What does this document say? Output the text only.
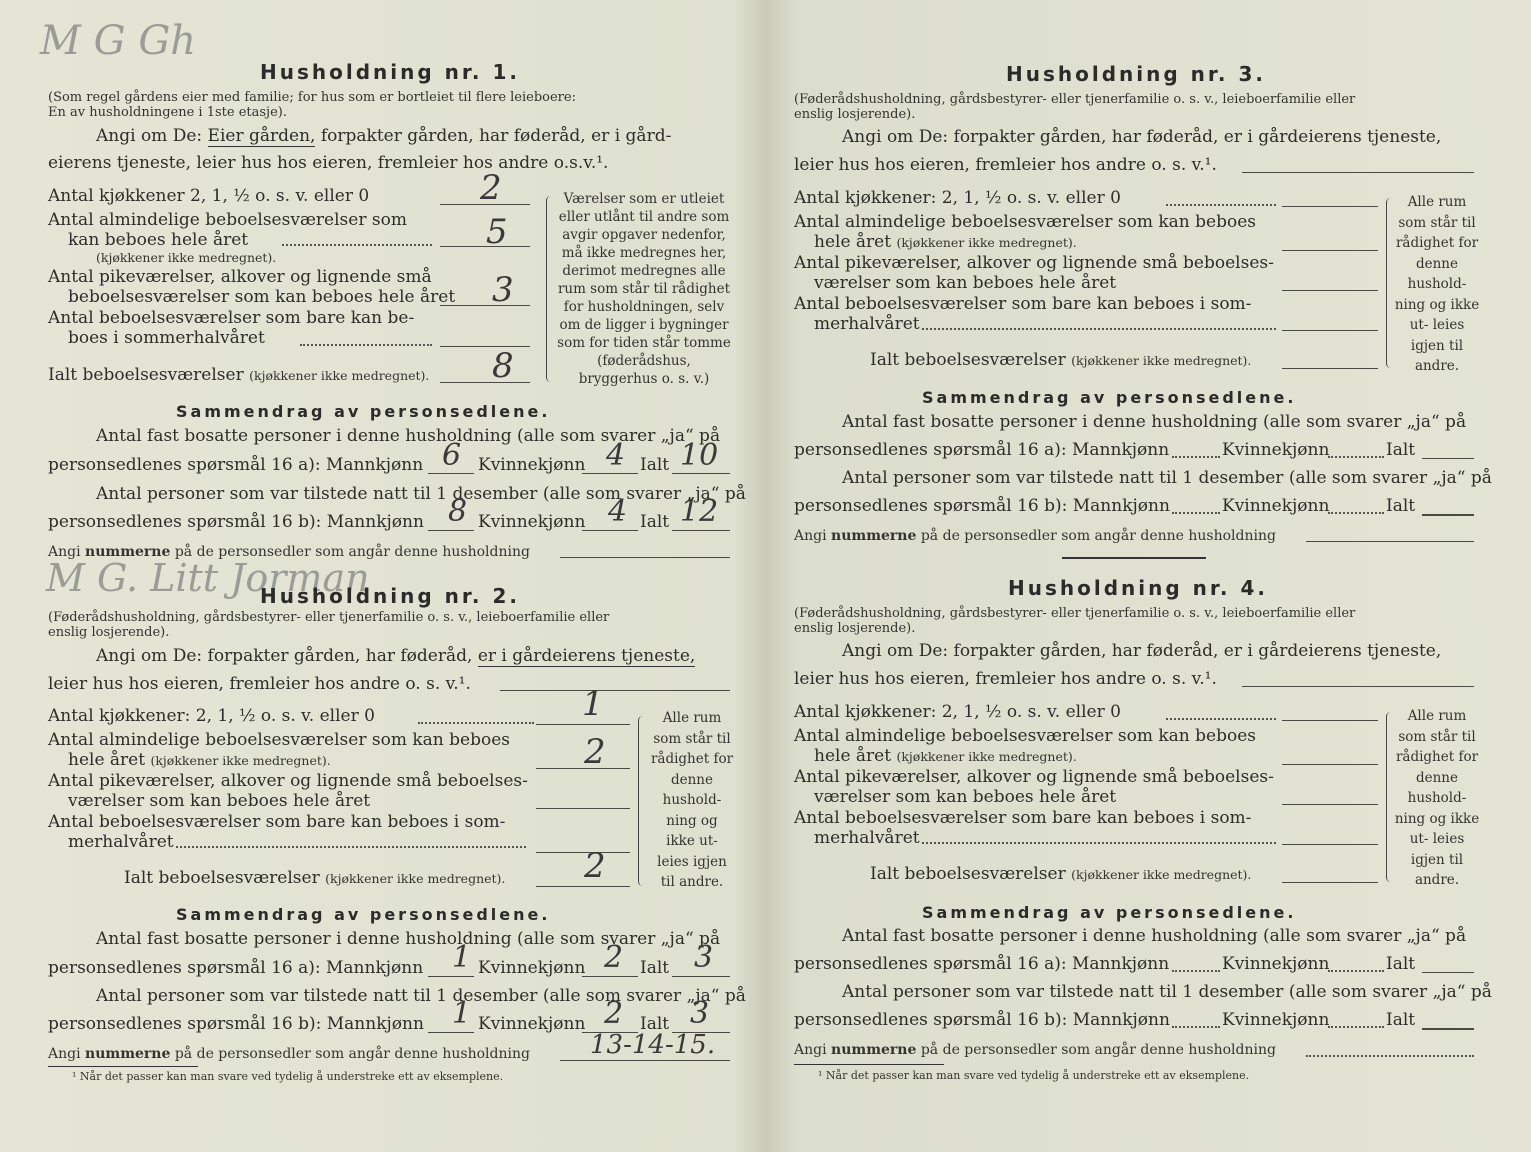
M G Gh
Husholdning nr. 1.
(Som regel gårdens eier med familie; for hus som er bortleiet til flere leieboere:
En av husholdningene i 1ste etasje).
Angi om De: Eier gården, forpakter gården, har føderåd, er i gård-
eierens tjeneste, leier hus hos eieren, fremleier hos andre o.s.v.¹.
Antal kjøkkener 2, 1, ½ o. s. v. eller 0	2
Antal almindelige beboelsesværelser som
kan beboes hele året
(kjøkkener ikke medregnet).
5
Antal pikeværelser, alkover og lignende små
beboelsesværelser som kan beboes hele året 3
Antal beboelsesværelser som bare kan be-
boes i sommerhalvåret
Ialt beboelsesværelser (kjøkkener ikke medregnet). 8
Værelser som er utleiet eller utlånt til andre som avgir opgaver nedenfor, må ikke medregnes her, derimot medregnes alle rum som står til rådighet for husholdningen, selv om de ligger i bygninger som for tiden står tomme (føderådshus, bryggerhus o. s. v.)
Sammendrag av personsedlene.
Antal fast bosatte personer i denne husholdning (alle som svarer „ja“ på
personsedlenes spørsmål 16 a): Mannkjønn 6 Kvinnekjønn 4 Ialt 10
Antal personer som var tilstede natt til 1 desember (alle som svarer „ja“ på
personsedlenes spørsmål 16 b): Mannkjønn 8 Kvinnekjønn 4 Ialt 12
Angi nummerne på de personsedler som angår denne husholdning
M G. Litt Jorman
Husholdning nr. 2.
(Føderådshusholdning, gårdsbestyrer- eller tjenerfamilie o. s. v., leieboerfamilie eller
enslig losjerende).
Angi om De: forpakter gården, har føderåd, er i gårdeierens tjeneste,
leier hus hos eieren, fremleier hos andre o. s. v.¹.
Antal kjøkkener: 2, 1, ½ o. s. v. eller 0	1
Antal almindelige beboelsesværelser som kan beboes
hele året (kjøkkener ikke medregnet).	2
Antal pikeværelser, alkover og lignende små beboelses-
værelser som kan beboes hele året
Antal beboelsesværelser som bare kan beboes i som-
merhalvåret
Ialt beboelsesværelser (kjøkkener ikke medregnet). 2
Alle rum som står til rådighet for denne hushold- ning og ikke ut- leies igjen til andre.
Sammendrag av personsedlene.
Antal fast bosatte personer i denne husholdning (alle som svarer „ja“ på
personsedlenes spørsmål 16 a): Mannkjønn 1 Kvinnekjønn 2 Ialt 3
Antal personer som var tilstede natt til 1 desember (alle som svarer „ja“ på
personsedlenes spørsmål 16 b): Mannkjønn 1 Kvinnekjønn 2 Ialt 3
Angi nummerne på de personsedler som angår denne husholdning 13-14-15.
¹ Når det passer kan man svare ved tydelig å understreke ett av eksemplene.
Husholdning nr. 3.
(Føderådshusholdning, gårdsbestyrer- eller tjenerfamilie o. s. v., leieboerfamilie eller
enslig losjerende).
Angi om De: forpakter gården, har føderåd, er i gårdeierens tjeneste,
leier hus hos eieren, fremleier hos andre o. s. v.¹.
Antal kjøkkener: 2, 1, ½ o. s. v. eller 0
Antal almindelige beboelsesværelser som kan beboes
hele året (kjøkkener ikke medregnet).
Antal pikeværelser, alkover og lignende små beboelses-
værelser som kan beboes hele året
Antal beboelsesværelser som bare kan beboes i som-
merhalvåret
Ialt beboelsesværelser (kjøkkener ikke medregnet).
Alle rum som står til rådighet for denne hushold- ning og ikke ut- leies igjen til andre.
Sammendrag av personsedlene.
Antal fast bosatte personer i denne husholdning (alle som svarer „ja“ på
personsedlenes spørsmål 16 a): Mannkjønn	Kvinnekjønn	Ialt
Antal personer som var tilstede natt til 1 desember (alle som svarer „ja“ på
personsedlenes spørsmål 16 b): Mannkjønn	Kvinnekjønn	Ialt
Angi nummerne på de personsedler som angår denne husholdning
Husholdning nr. 4.
(Føderådshusholdning, gårdsbestyrer- eller tjenerfamilie o. s. v., leieboerfamilie eller
enslig losjerende).
Angi om De: forpakter gården, har føderåd, er i gårdeierens tjeneste,
leier hus hos eieren, fremleier hos andre o. s. v.¹.
Antal kjøkkener: 2, 1, ½ o. s. v. eller 0
Antal almindelige beboelsesværelser som kan beboes
hele året (kjøkkener ikke medregnet).
Antal pikeværelser, alkover og lignende små beboelses-
værelser som kan beboes hele året
Antal beboelsesværelser som bare kan beboes i som-
merhalvåret
Ialt beboelsesværelser (kjøkkener ikke medregnet).
Alle rum som står til rådighet for denne hushold- ning og ikke ut- leies igjen til andre.
Sammendrag av personsedlene.
Antal fast bosatte personer i denne husholdning (alle som svarer „ja“ på
personsedlenes spørsmål 16 a): Mannkjønn	Kvinnekjønn	Ialt
Antal personer som var tilstede natt til 1 desember (alle som svarer „ja“ på
personsedlenes spørsmål 16 b): Mannkjønn	Kvinnekjønn	Ialt
Angi nummerne på de personsedler som angår denne husholdning
¹ Når det passer kan man svare ved tydelig å understreke ett av eksemplene.
